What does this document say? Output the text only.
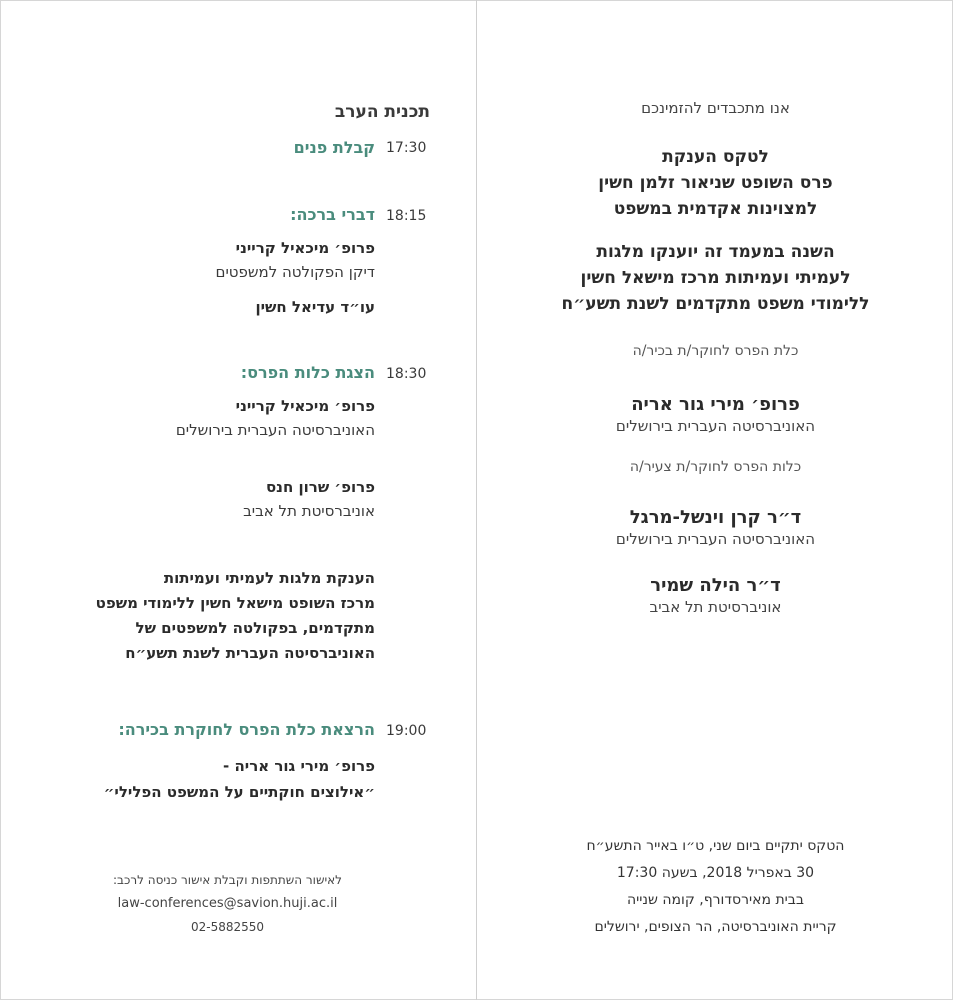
תכנית הערב
17:30
קבלת פנים
18:15
דברי ברכה:
פרופ׳ מיכאיל קרייני
דיקן הפקולטה למשפטים
עו״ד עדיאל חשין
18:30
הצגת כלות הפרס:
פרופ׳ מיכאיל קרייני
האוניברסיטה העברית בירושלים
פרופ׳ שרון חנס
אוניברסיטת תל אביב
הענקת מלגות לעמיתי ועמיתות
מרכז השופט מישאל חשין ללימודי משפט
מתקדמים, בפקולטה למשפטים של
האוניברסיטה העברית לשנת תשע״ח
19:00
הרצאת כלת הפרס לחוקרת בכירה:
פרופ׳ מירי גור אריה -
״אילוצים חוקתיים על המשפט הפלילי״
לאישור השתתפות וקבלת אישור כניסה לרכב:
law-conferences@savion.huji.ac.il
02-5882550
אנו מתכבדים להזמינכם
לטקס הענקת
פרס השופט שניאור זלמן חשין
למצוינות אקדמית במשפט
השנה במעמד זה יוענקו מלגות
לעמיתי ועמיתות מרכז מישאל חשין
ללימודי משפט מתקדמים לשנת תשע״ח
כלת הפרס לחוקר/ת בכיר/ה
פרופ׳ מירי גור אריה
האוניברסיטה העברית בירושלים
כלות הפרס לחוקר/ת צעיר/ה
ד״ר קרן וינשל-מרגל
האוניברסיטה העברית בירושלים
ד״ר הילה שמיר
אוניברסיטת תל אביב
הטקס יתקיים ביום שני, ט״ו באייר התשע״ח
30 באפריל 2018, בשעה 17:30
בבית מאירסדורף, קומה שנייה
קריית האוניברסיטה, הר הצופים, ירושלים
